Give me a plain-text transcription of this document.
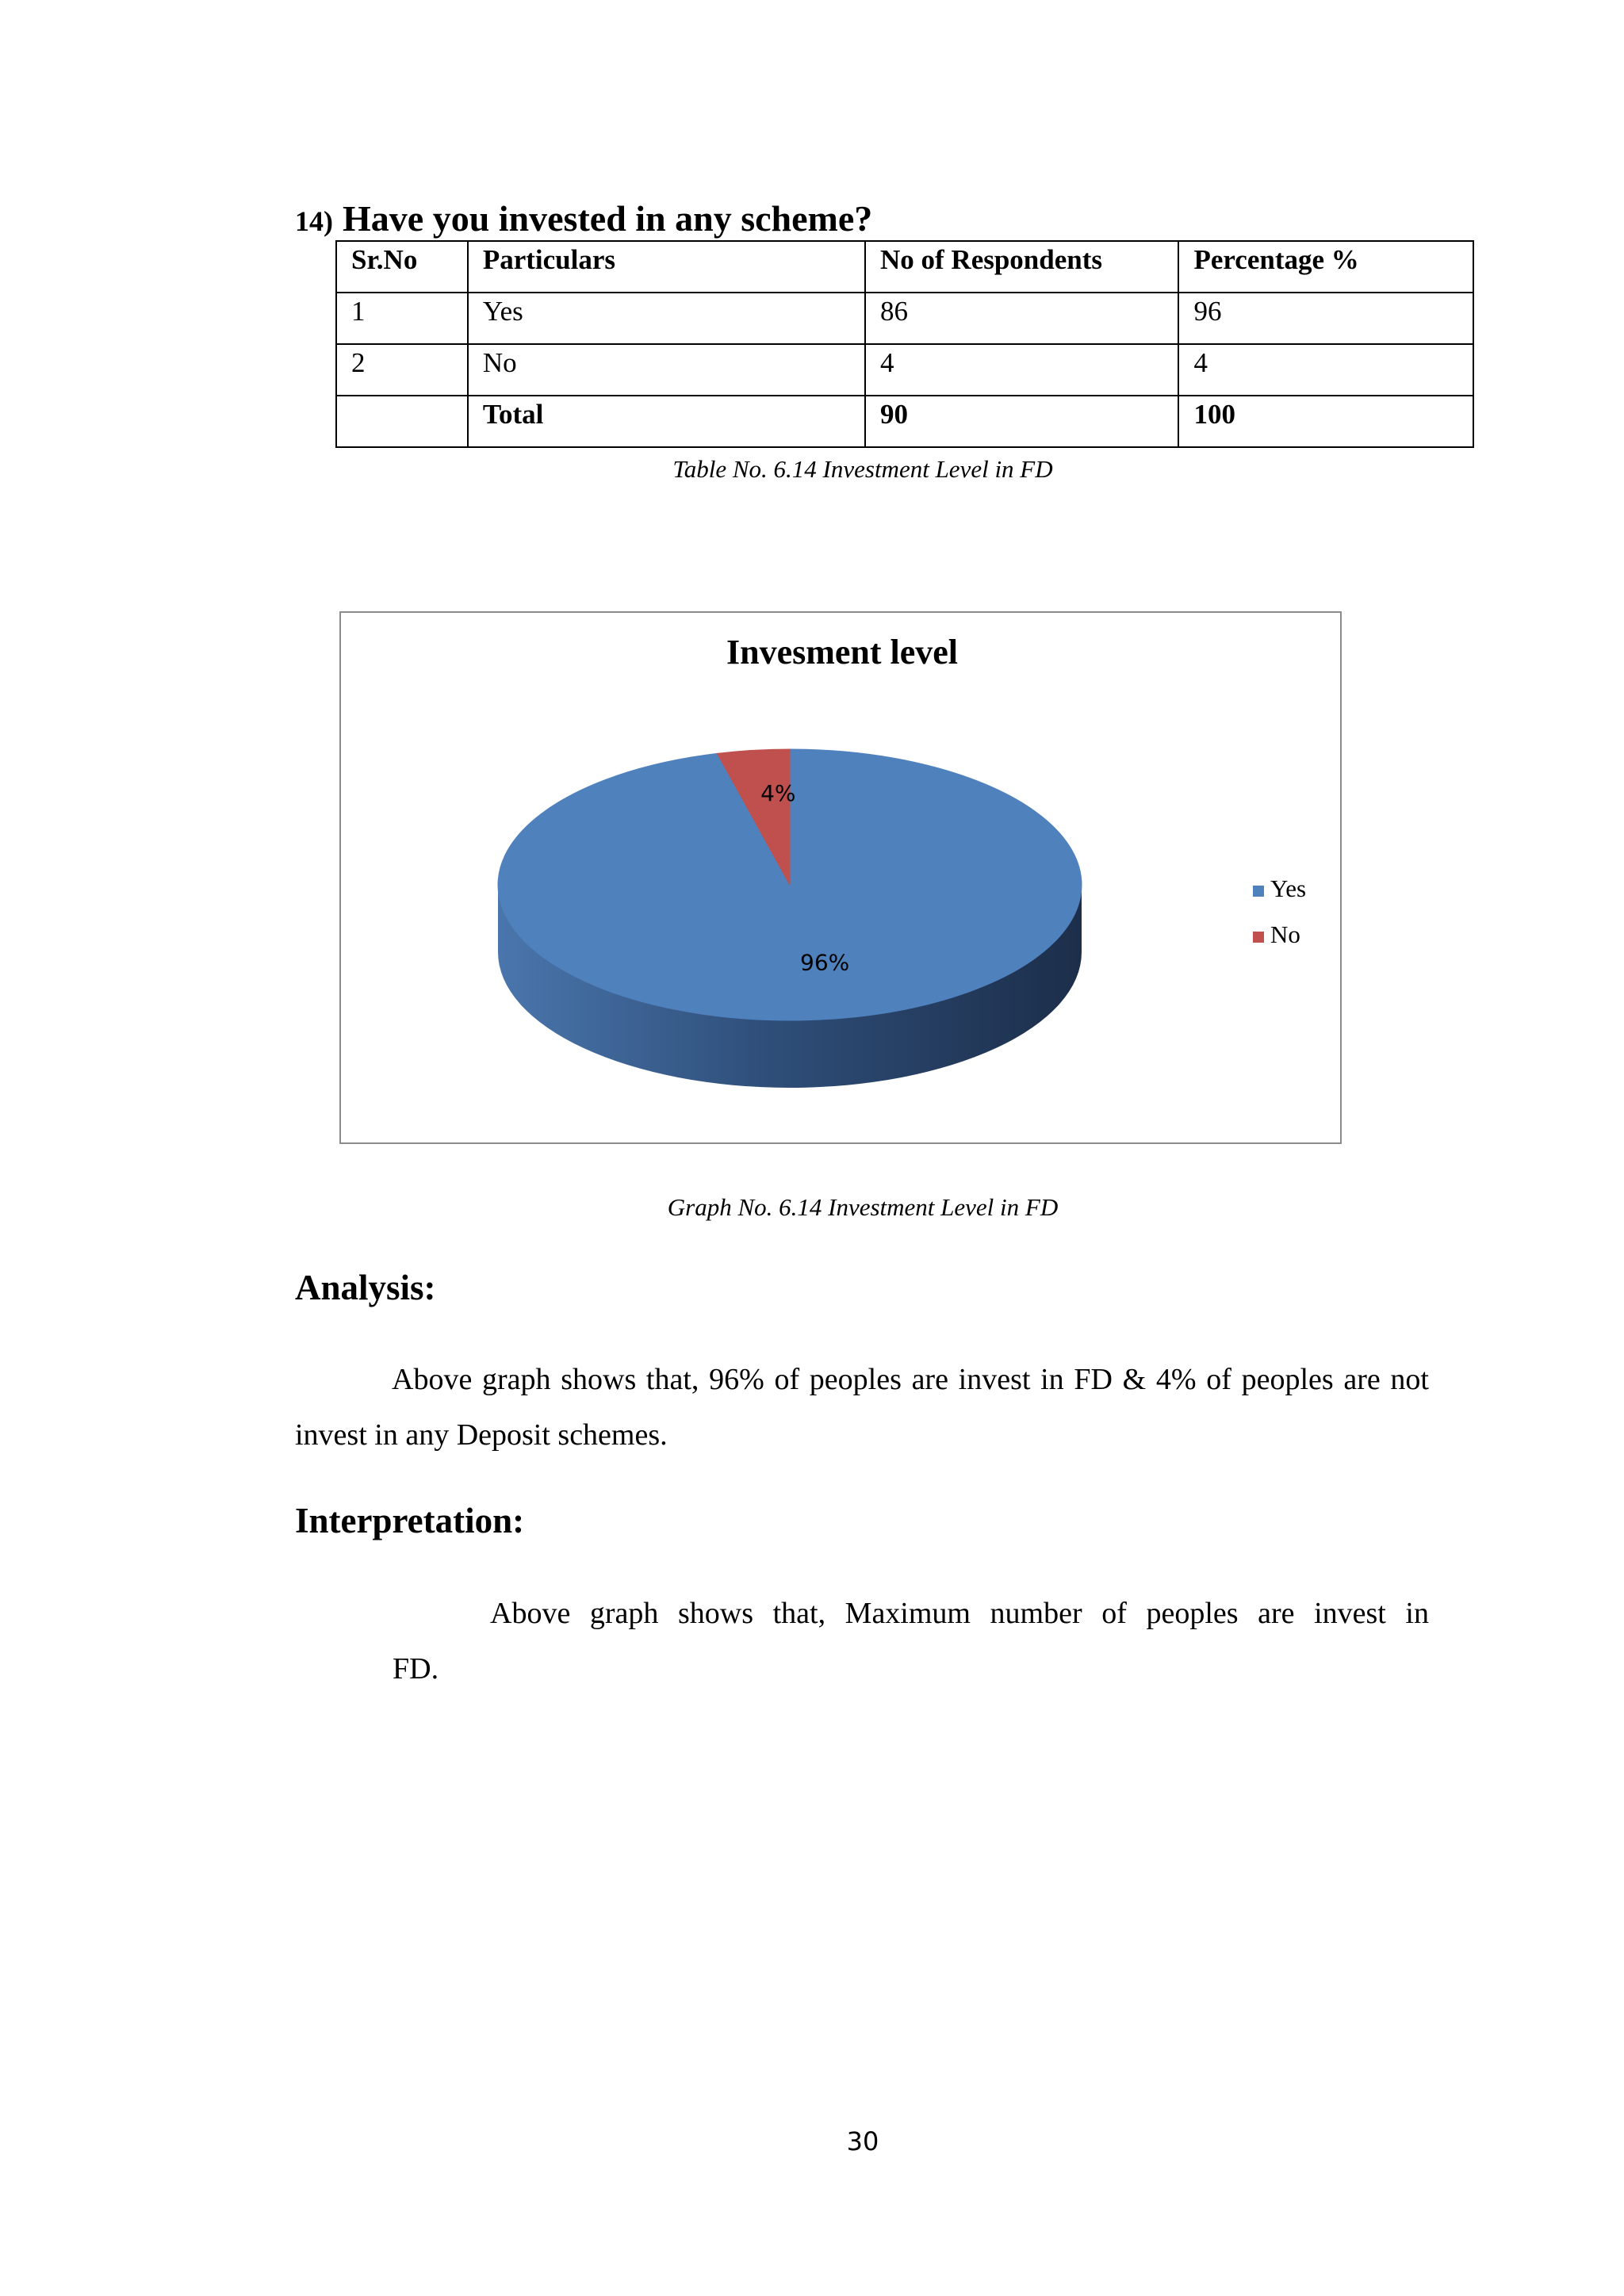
14) Have you invested in any scheme?
Sr.No	Particulars	No of Respondents	Percentage %
1	Yes	86	96
2	No	4	4
	Total	90	100
Table No. 6.14 Investment Level in FD
96%
4%
Invesment level
Yes
No
Graph No. 6.14 Investment Level in FD
Analysis:
Above graph shows that, 96% of peoples are invest in FD & 4% of peoples are not invest in any Deposit schemes.
Interpretation:
Above graph shows that, Maximum number of peoples are invest in
FD.
30
